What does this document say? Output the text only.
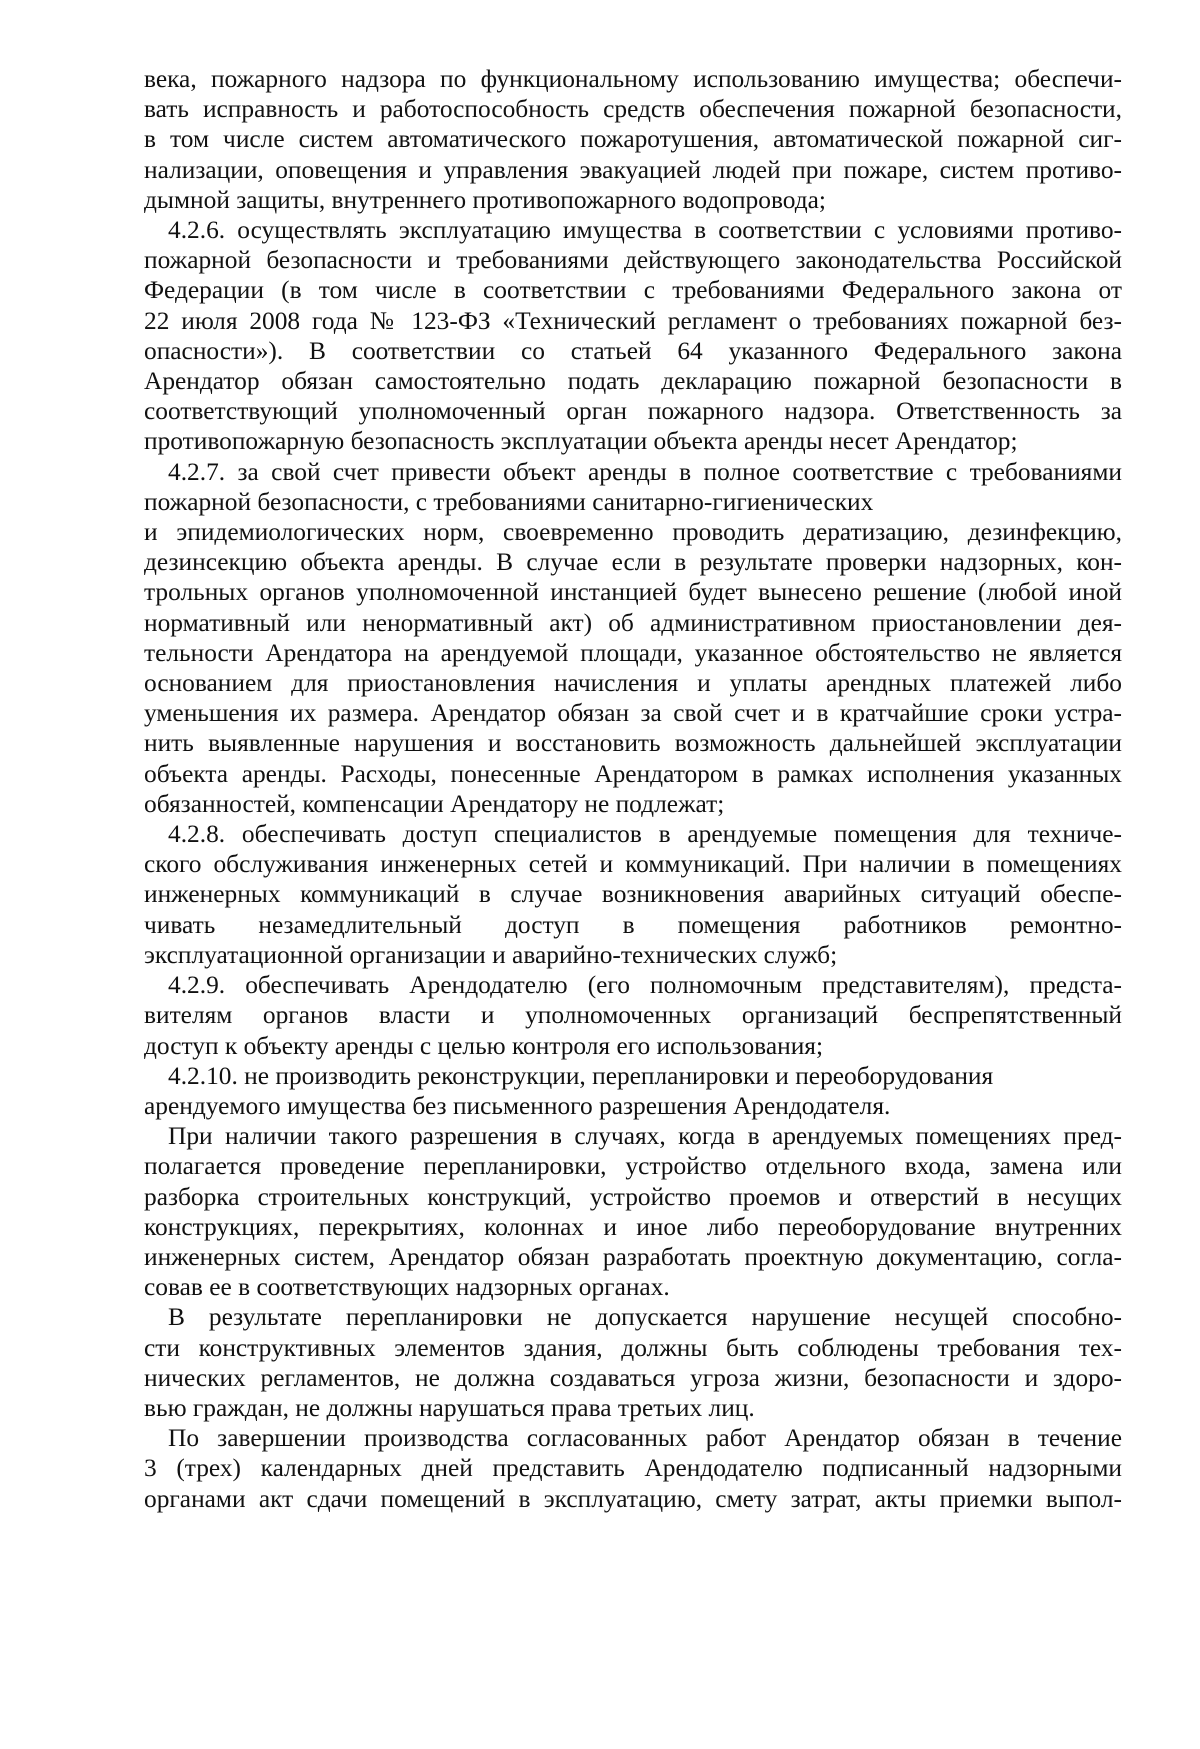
века, пожарного надзора по функциональному использованию имущества; обеспечи-
вать исправность и работоспособность средств обеспечения пожарной безопасности,
в том числе систем автоматического пожаротушения, автоматической пожарной сиг-
нализации, оповещения и управления эвакуацией людей при пожаре, систем противо-
дымной защиты, внутреннего противопожарного водопровода;
4.2.6. осуществлять эксплуатацию имущества в соответствии с условиями противо-
пожарной безопасности и требованиями действующего законодательства Российской
Федерации (в том числе в соответствии с требованиями Федерального закона от
22 июля 2008 года № 123-ФЗ «Технический регламент о требованиях пожарной без-
опасности»). В соответствии со статьей 64 указанного Федерального закона
Арендатор обязан самостоятельно подать декларацию пожарной безопасности в
соответствующий уполномоченный орган пожарного надзора. Ответственность за
противопожарную безопасность эксплуатации объекта аренды несет Арендатор;
4.2.7. за свой счет привести объект аренды в полное соответствие с требованиями
пожарной безопасности, с требованиями санитарно-гигиенических
и эпидемиологических норм, своевременно проводить дератизацию, дезинфекцию,
дезинсекцию объекта аренды. В случае если в результате проверки надзорных, кон-
трольных органов уполномоченной инстанцией будет вынесено решение (любой иной
нормативный или ненормативный акт) об административном приостановлении дея-
тельности Арендатора на арендуемой площади, указанное обстоятельство не является
основанием для приостановления начисления и уплаты арендных платежей либо
уменьшения их размера. Арендатор обязан за свой счет и в кратчайшие сроки устра-
нить выявленные нарушения и восстановить возможность дальнейшей эксплуатации
объекта аренды. Расходы, понесенные Арендатором в рамках исполнения указанных
обязанностей, компенсации Арендатору не подлежат;
4.2.8. обеспечивать доступ специалистов в арендуемые помещения для техниче-
ского обслуживания инженерных сетей и коммуникаций. При наличии в помещениях
инженерных коммуникаций в случае возникновения аварийных ситуаций обеспе-
чивать незамедлительный доступ в помещения работников ремонтно-
эксплуатационной организации и аварийно-технических служб;
4.2.9. обеспечивать Арендодателю (его полномочным представителям), предста-
вителям органов власти и уполномоченных организаций беспрепятственный
доступ к объекту аренды с целью контроля его использования;
4.2.10. не производить реконструкции, перепланировки и переоборудования
арендуемого имущества без письменного разрешения Арендодателя.
При наличии такого разрешения в случаях, когда в арендуемых помещениях пред-
полагается проведение перепланировки, устройство отдельного входа, замена или
разборка строительных конструкций, устройство проемов и отверстий в несущих
конструкциях, перекрытиях, колоннах и иное либо переоборудование внутренних
инженерных систем, Арендатор обязан разработать проектную документацию, согла-
совав ее в соответствующих надзорных органах.
В результате перепланировки не допускается нарушение несущей способно-
сти конструктивных элементов здания, должны быть соблюдены требования тех-
нических регламентов, не должна создаваться угроза жизни, безопасности и здоро-
вью граждан, не должны нарушаться права третьих лиц.
По завершении производства согласованных работ Арендатор обязан в течение
3 (трех) календарных дней представить Арендодателю подписанный надзорными
органами акт сдачи помещений в эксплуатацию, смету затрат, акты приемки выпол-
